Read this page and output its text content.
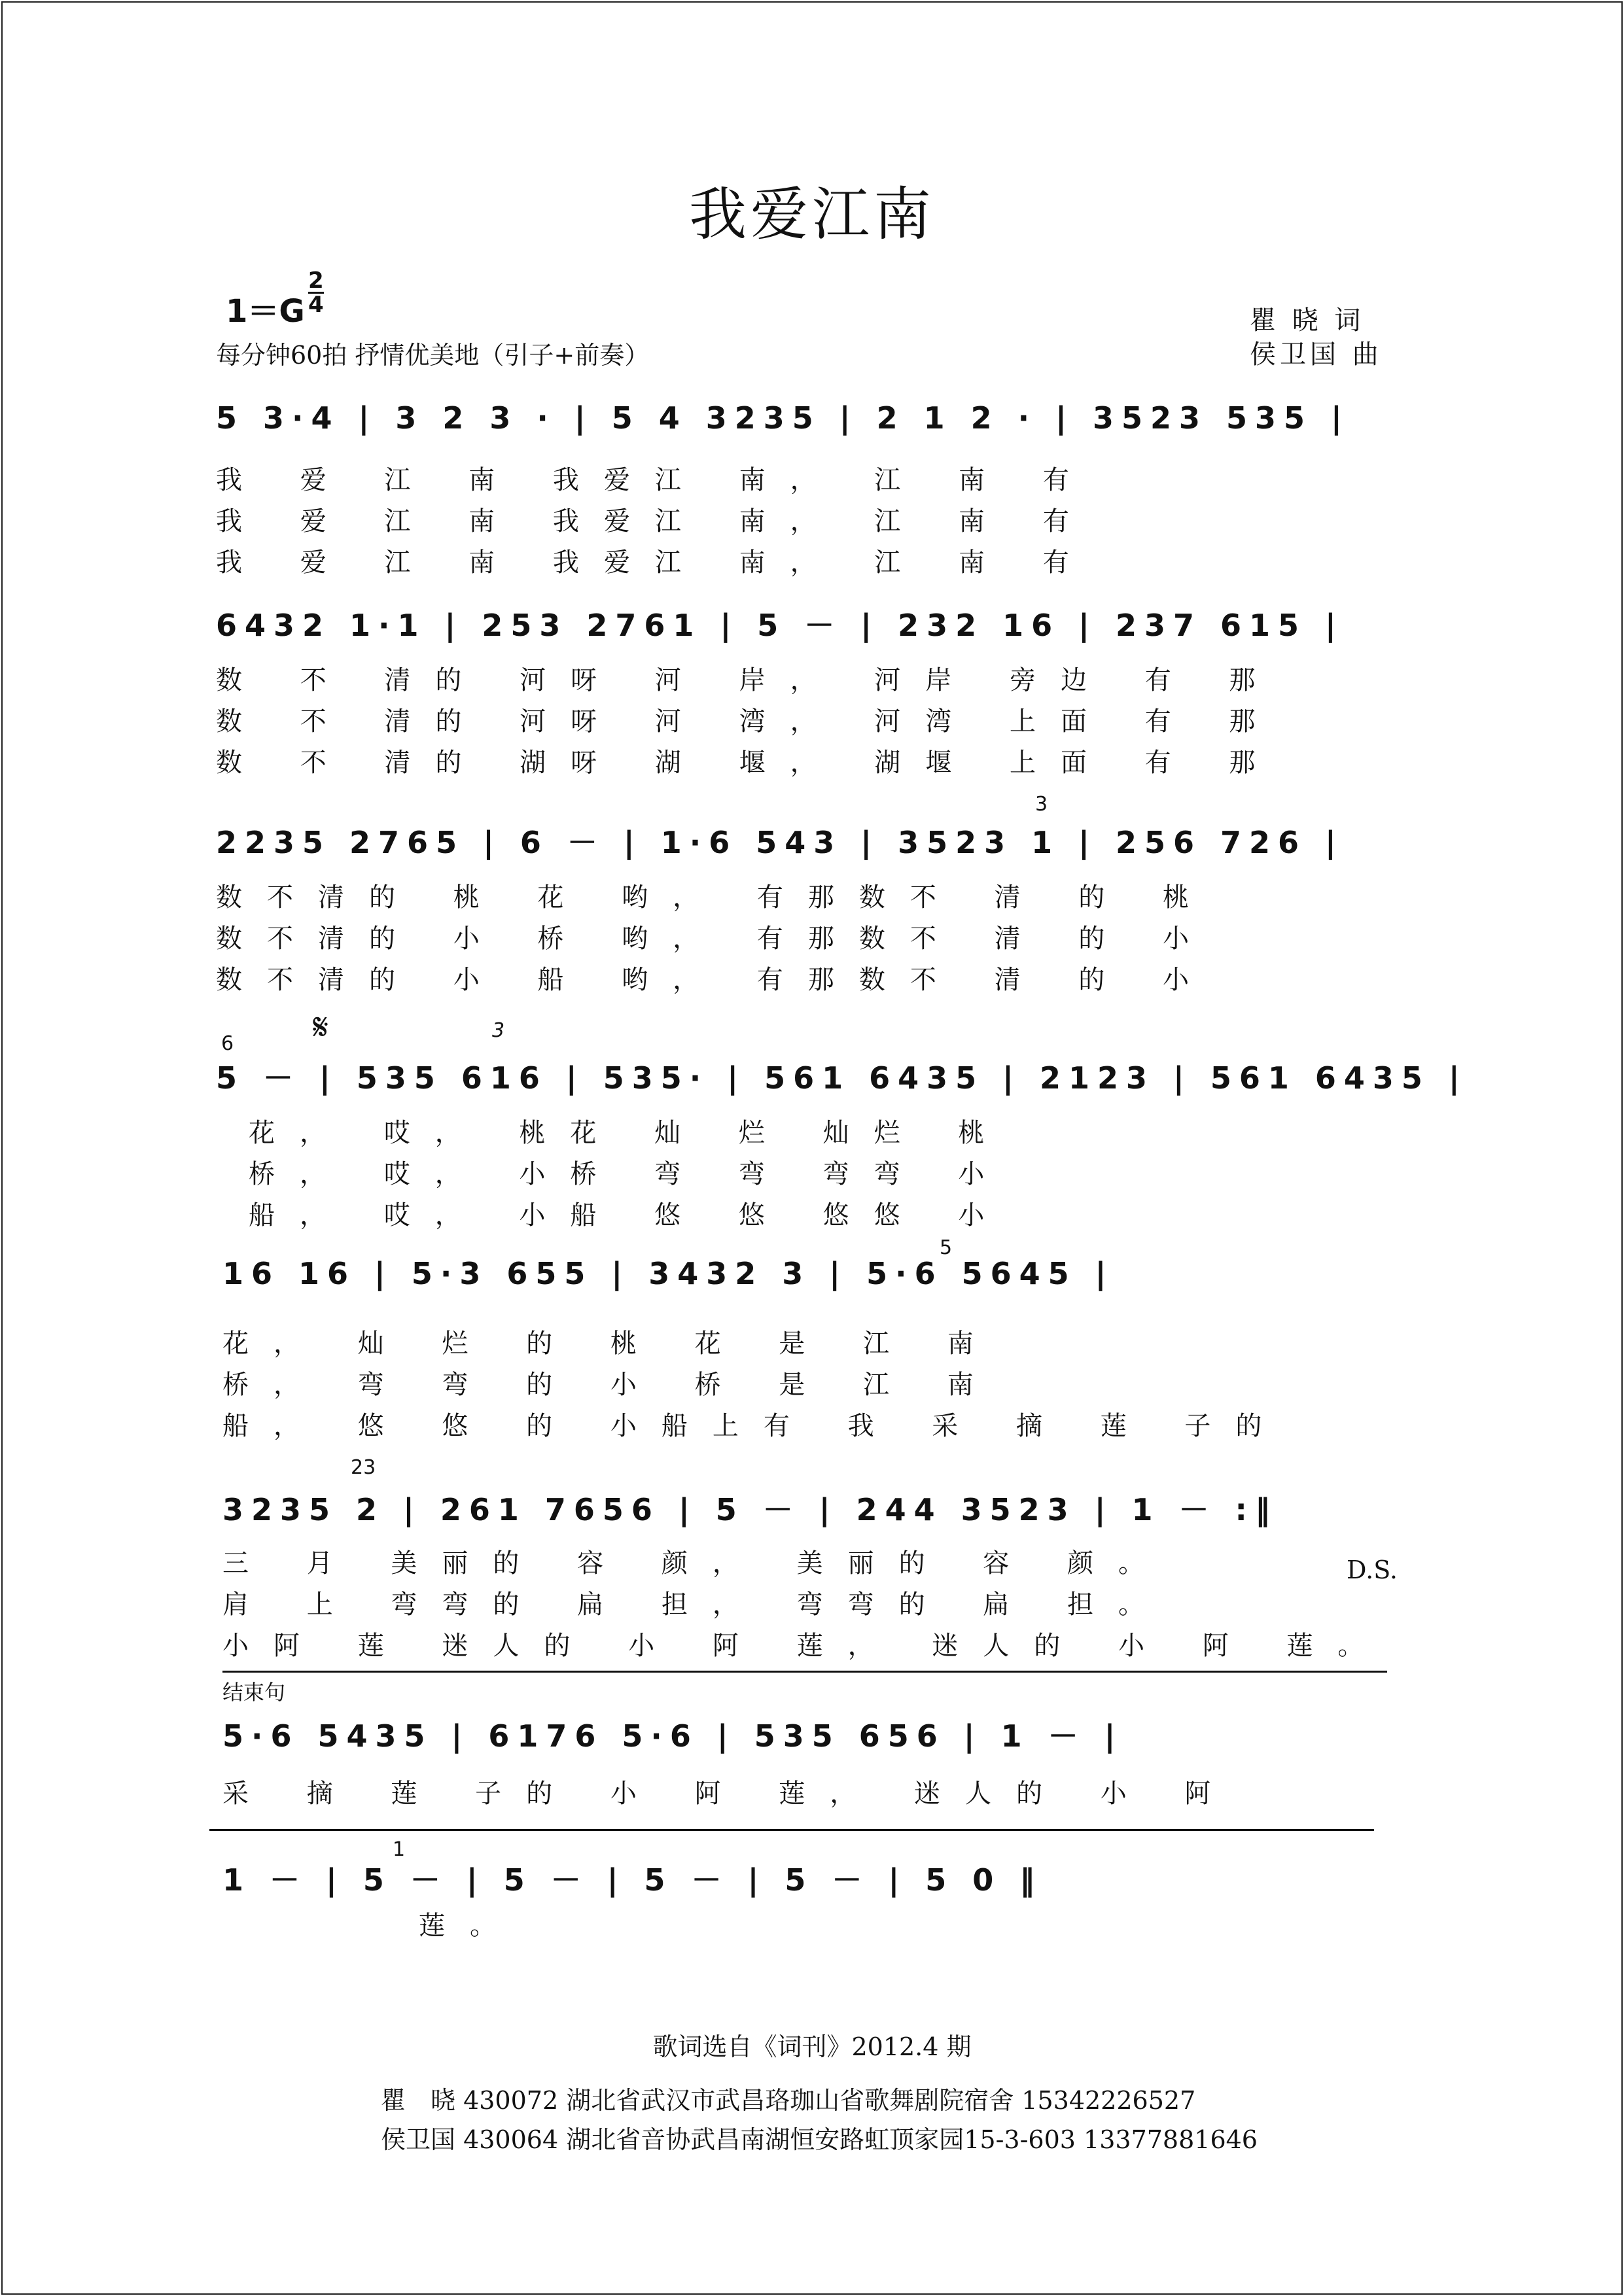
我爱江南
$1=G \frac{2}{4}$
每分钟60拍 抒情优美地（引子+前奏）
瞿 晓 词
侯卫国 曲
5 3·4 | 3 2 3 · | 5 4 3235 | 2 1 2 · | 3523 535 |
我 爱 江 南 我爱江 南， 江 南 有
我 爱 江 南 我爱江 南， 江 南 有
我 爱 江 南 我爱江 南， 江 南 有
6432 1·1 | 253 2761 | 5 － | 232 16 | 237 615 |
数 不 清的 河呀 河 岸， 河岸 旁边 有 那
数 不 清的 河呀 河 湾， 河湾 上面 有 那
数 不 清的 湖呀 湖 堰， 湖堰 上面 有 那
2235 2765 | 6 － | 1·6 543 | 3523 1 | 256 726 |
3
数不清的 桃 花 哟， 有那数不 清 的 桃
数不清的 小 桥 哟， 有那数不 清 的 小
数不清的 小 船 哟， 有那数不 清 的 小
6 𝄋	3
5 － | 535 616 | 535· | 561 6435 | 2123 | 561 6435 |
花， 哎， 桃花 灿 烂 灿烂 桃
桥， 哎， 小桥 弯 弯 弯弯 小
船， 哎， 小船 悠 悠 悠悠 小
5
16 16 | 5·3 655 | 3432 3 | 5·6 5645 |
花， 灿 烂 的 桃 花 是 江 南
桥， 弯 弯 的 小 桥 是 江 南
船， 悠 悠 的 小船上有 我 采 摘 莲 子的
23
3235 2 | 261 7656 | 5 － | 244 3523 | 1 － :‖
三 月 美丽的 容 颜， 美丽的 容 颜。
肩 上 弯弯的 扁 担， 弯弯的 扁 担。
小阿 莲 迷人的 小 阿 莲， 迷人的 小 阿 莲。
D.S.
结束句
5·6 5435 | 6176 5·6 | 535 656 | 1 － |
采 摘 莲 子的 小 阿 莲， 迷人的 小 阿
1
1 － | 5 － | 5 － | 5 － | 5 － | 5 0 ‖
莲。
歌词选自《词刊》2012.4 期
瞿　晓 430072 湖北省武汉市武昌珞珈山省歌舞剧院宿舍 15342226527
侯卫国 430064 湖北省音协武昌南湖恒安路虹顶家园15-3-603 13377881646
